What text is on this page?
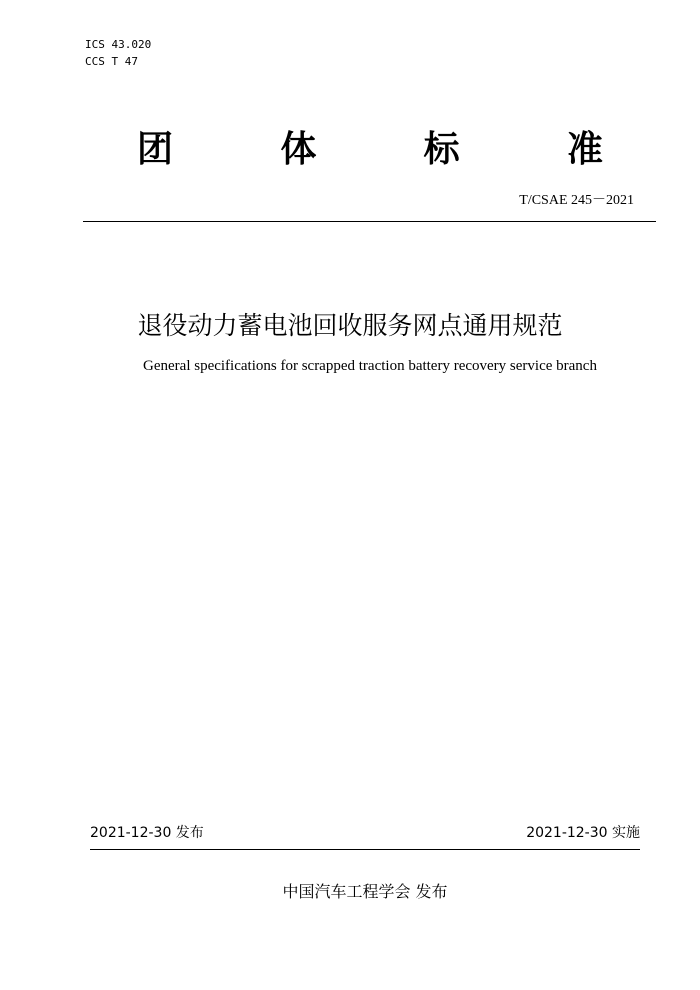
ICS 43.020
CCS T 47
团	体	标	准
T/CSAE 245－2021
退役动力蓄电池回收服务网点通用规范
General specifications for scrapped traction battery recovery service branch
2021-12-30 发布	2021-12-30 实施
中国汽车工程学会 发布
